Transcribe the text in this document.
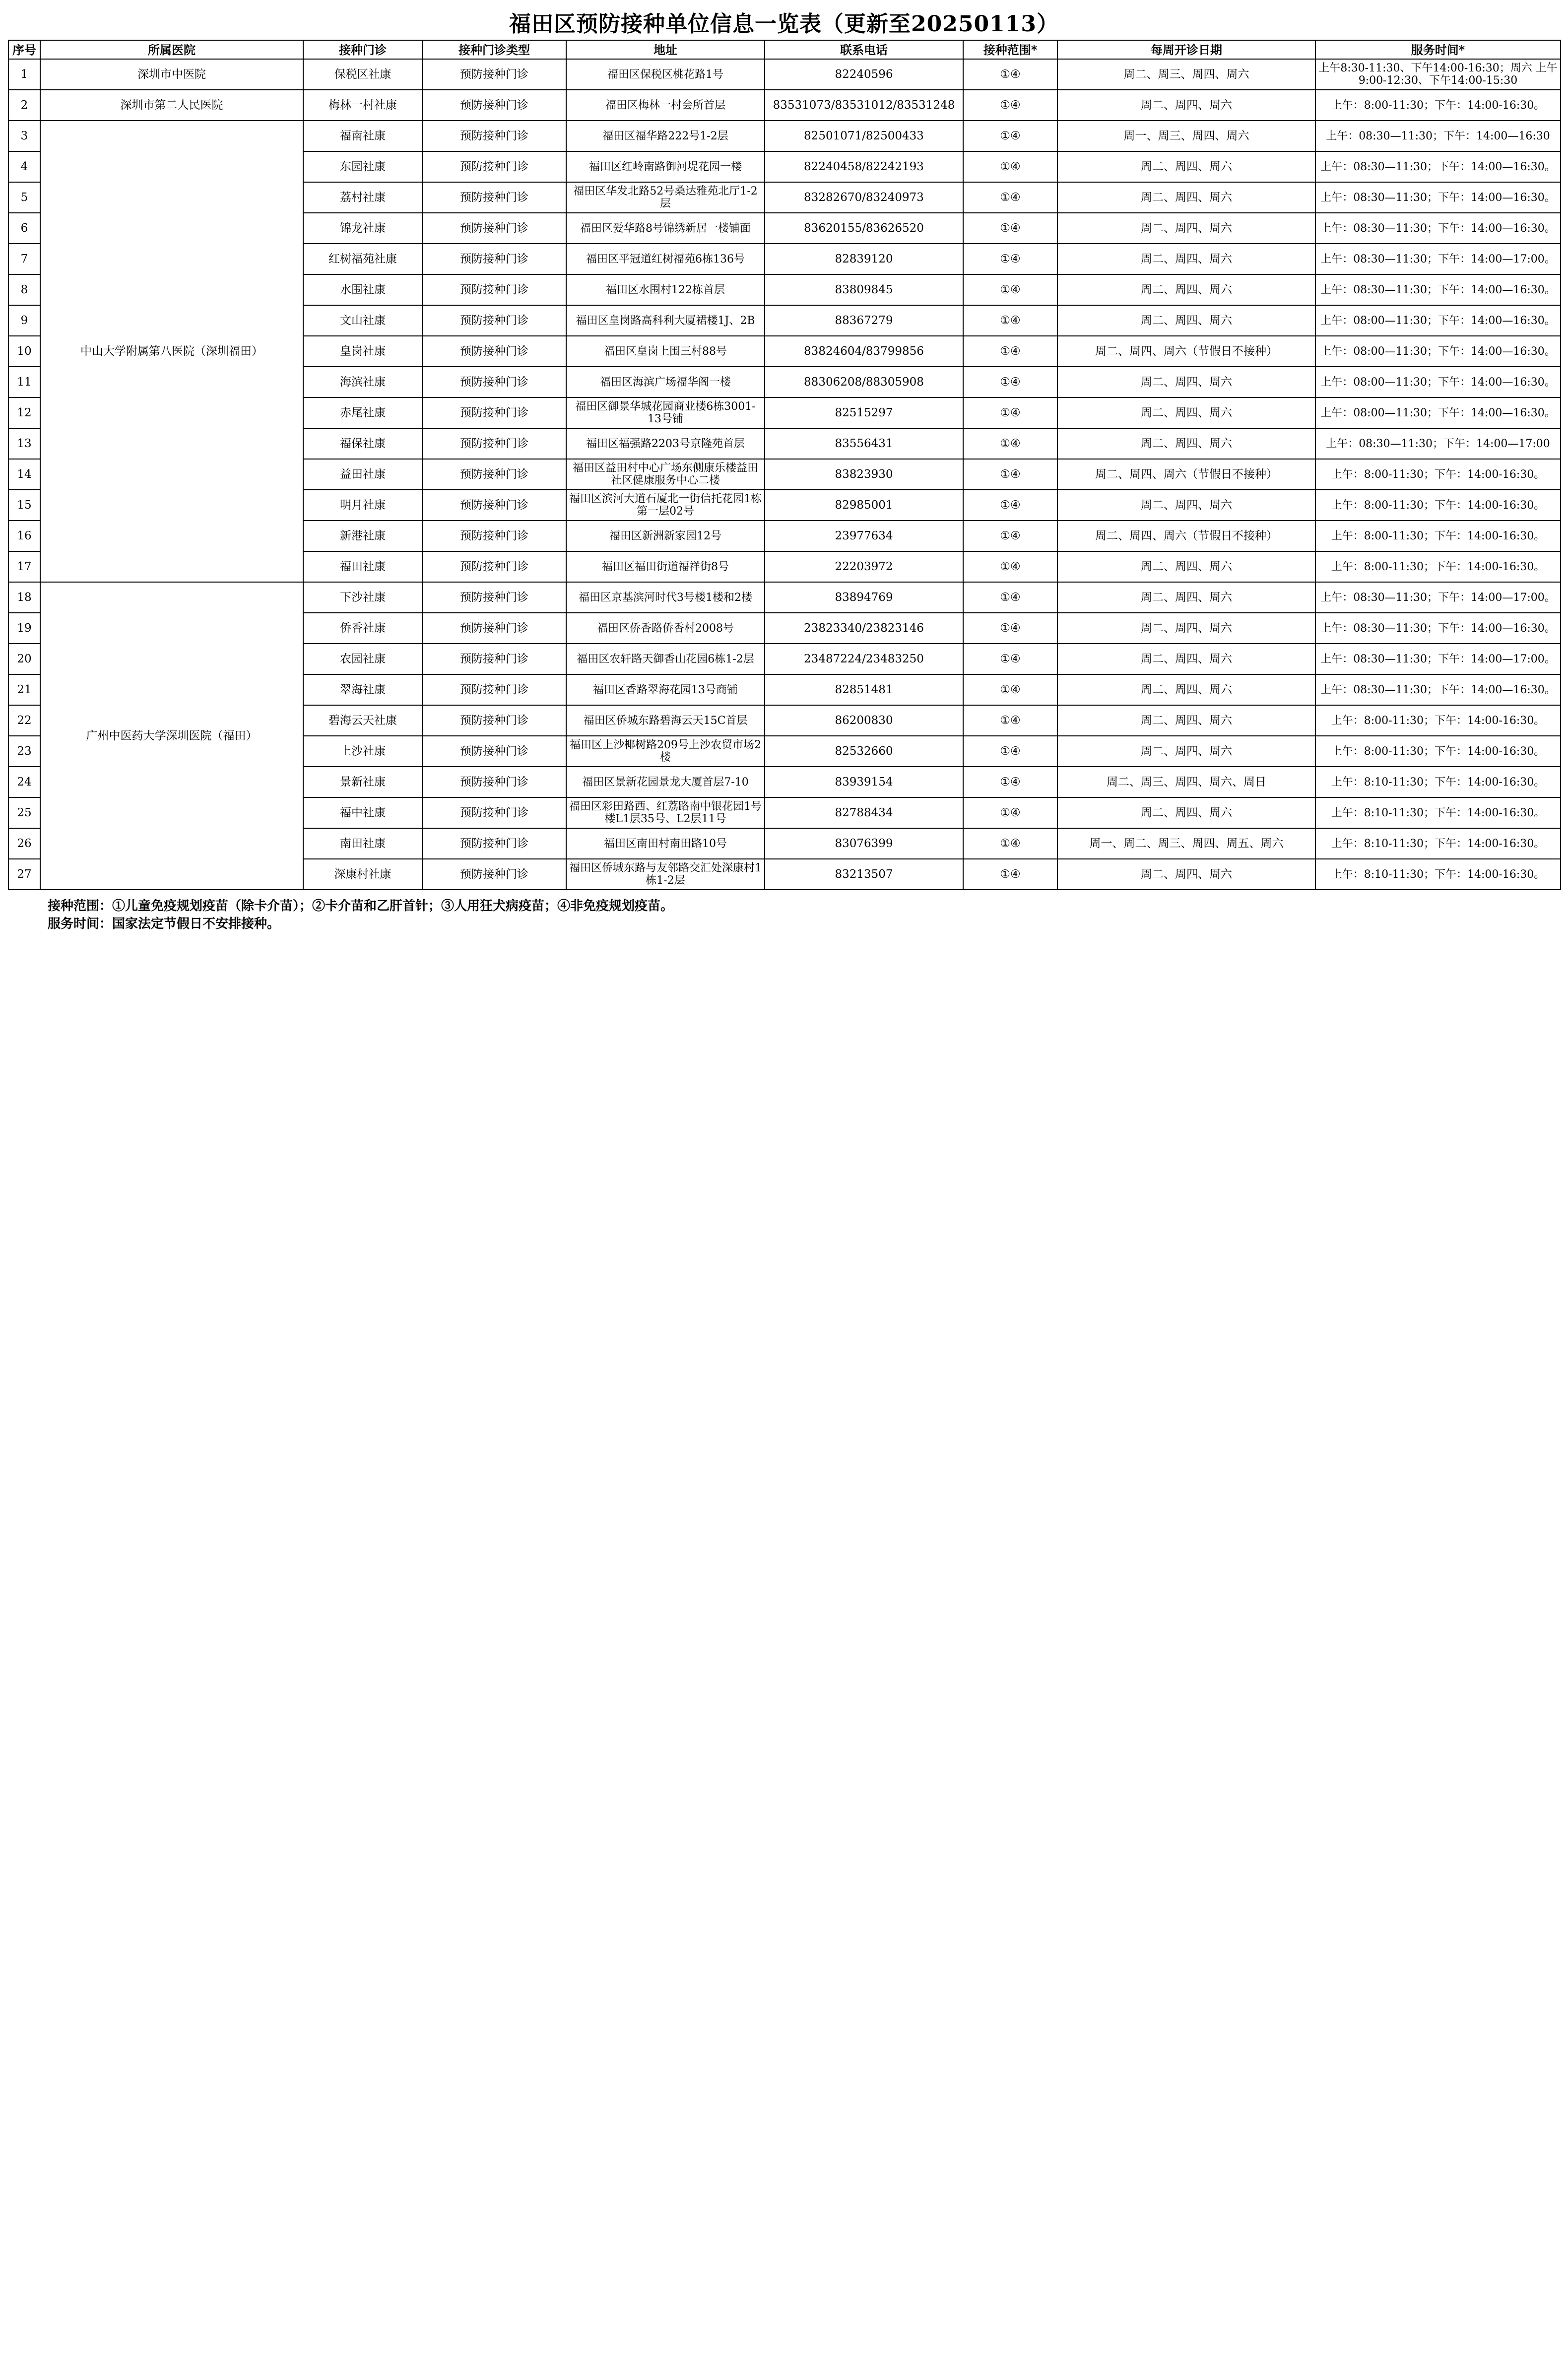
福田区预防接种单位信息一览表（更新至20250113）
序号	所属医院	接种门诊	接种门诊类型	地址	联系电话	接种范围*	每周开诊日期	服务时间*
1	深圳市中医院	保税区社康	预防接种门诊	福田区保税区桃花路1号	82240596	①④	周二、周三、周四、周六	上午8:30-11:30、下午14:00-16:30；周六 上午9:00-12:30、下午14:00-15:30
2	深圳市第二人民医院	梅林一村社康	预防接种门诊	福田区梅林一村会所首层	83531073/83531012/83531248	①④	周二、周四、周六	上午：8:00-11:30；下午：14:00-16:30。
3	中山大学附属第八医院（深圳福田）	福南社康	预防接种门诊	福田区福华路222号1-2层	82501071/82500433	①④	周一、周三、周四、周六	上午：08:30—11:30；下午：14:00—16:30
4		东园社康	预防接种门诊	福田区红岭南路御河堤花园一楼	82240458/82242193	①④	周二、周四、周六	上午：08:30—11:30；下午：14:00—16:30。
5		荔村社康	预防接种门诊	福田区华发北路52号桑达雅苑北厅1-2层	83282670/83240973	①④	周二、周四、周六	上午：08:30—11:30；下午：14:00—16:30。
6		锦龙社康	预防接种门诊	福田区爱华路8号锦绣新居一楼铺面	83620155/83626520	①④	周二、周四、周六	上午：08:30—11:30；下午：14:00—16:30。
7		红树福苑社康	预防接种门诊	福田区平冠道红树福苑6栋136号	82839120	①④	周二、周四、周六	上午：08:30—11:30；下午：14:00—17:00。
8		水围社康	预防接种门诊	福田区水围村122栋首层	83809845	①④	周二、周四、周六	上午：08:30—11:30；下午：14:00—16:30。
9		文山社康	预防接种门诊	福田区皇岗路高科利大厦裙楼1J、2B	88367279	①④	周二、周四、周六	上午：08:00—11:30；下午：14:00—16:30。
10		皇岗社康	预防接种门诊	福田区皇岗上围三村88号	83824604/83799856	①④	周二、周四、周六（节假日不接种）	上午：08:00—11:30；下午：14:00—16:30。
11		海滨社康	预防接种门诊	福田区海滨广场福华阁一楼	88306208/88305908	①④	周二、周四、周六	上午：08:00—11:30；下午：14:00—16:30。
12		赤尾社康	预防接种门诊	福田区御景华城花园商业楼6栋3001-13号铺	82515297	①④	周二、周四、周六	上午：08:00—11:30；下午：14:00—16:30。
13		福保社康	预防接种门诊	福田区福强路2203号京隆苑首层	83556431	①④	周二、周四、周六	上午：08:30—11:30；下午：14:00—17:00
14		益田社康	预防接种门诊	福田区益田村中心广场东侧康乐楼益田社区健康服务中心二楼	83823930	①④	周二、周四、周六（节假日不接种）	上午：8:00-11:30；下午：14:00-16:30。
15		明月社康	预防接种门诊	福田区滨河大道石厦北一街信托花园1栋第一层02号	82985001	①④	周二、周四、周六	上午：8:00-11:30；下午：14:00-16:30。
16		新港社康	预防接种门诊	福田区新洲新家园12号	23977634	①④	周二、周四、周六（节假日不接种）	上午：8:00-11:30；下午：14:00-16:30。
17		福田社康	预防接种门诊	福田区福田街道福祥街8号	22203972	①④	周二、周四、周六	上午：8:00-11:30；下午：14:00-16:30。
18	广州中医药大学深圳医院（福田）	下沙社康	预防接种门诊	福田区京基滨河时代3号楼1楼和2楼	83894769	①④	周二、周四、周六	上午：08:30—11:30；下午：14:00—17:00。
19		侨香社康	预防接种门诊	福田区侨香路侨香村2008号	23823340/23823146	①④	周二、周四、周六	上午：08:30—11:30；下午：14:00—16:30。
20		农园社康	预防接种门诊	福田区农轩路天御香山花园6栋1-2层	23487224/23483250	①④	周二、周四、周六	上午：08:30—11:30；下午：14:00—17:00。
21		翠海社康	预防接种门诊	福田区香路翠海花园13号商铺	82851481	①④	周二、周四、周六	上午：08:30—11:30；下午：14:00—16:30。
22		碧海云天社康	预防接种门诊	福田区侨城东路碧海云天15C首层	86200830	①④	周二、周四、周六	上午：8:00-11:30；下午：14:00-16:30。
23		上沙社康	预防接种门诊	福田区上沙椰树路209号上沙农贸市场2楼	82532660	①④	周二、周四、周六	上午：8:00-11:30；下午：14:00-16:30。
24		景新社康	预防接种门诊	福田区景新花园景龙大厦首层7-10	83939154	①④	周二、周三、周四、周六、周日	上午：8:10-11:30；下午：14:00-16:30。
25		福中社康	预防接种门诊	福田区彩田路西、红荔路南中银花园1号楼L1层35号、L2层11号	82788434	①④	周二、周四、周六	上午：8:10-11:30；下午：14:00-16:30。
26		南田社康	预防接种门诊	福田区南田村南田路10号	83076399	①④	周一、周二、周三、周四、周五、周六	上午：8:10-11:30；下午：14:00-16:30。
27		深康村社康	预防接种门诊	福田区侨城东路与友邻路交汇处深康村1栋1-2层	83213507	①④	周二、周四、周六	上午：8:10-11:30；下午：14:00-16:30。
接种范围：①儿童免疫规划疫苗（除卡介苗）；②卡介苗和乙肝首针；③人用狂犬病疫苗；④非免疫规划疫苗。
服务时间：国家法定节假日不安排接种。
